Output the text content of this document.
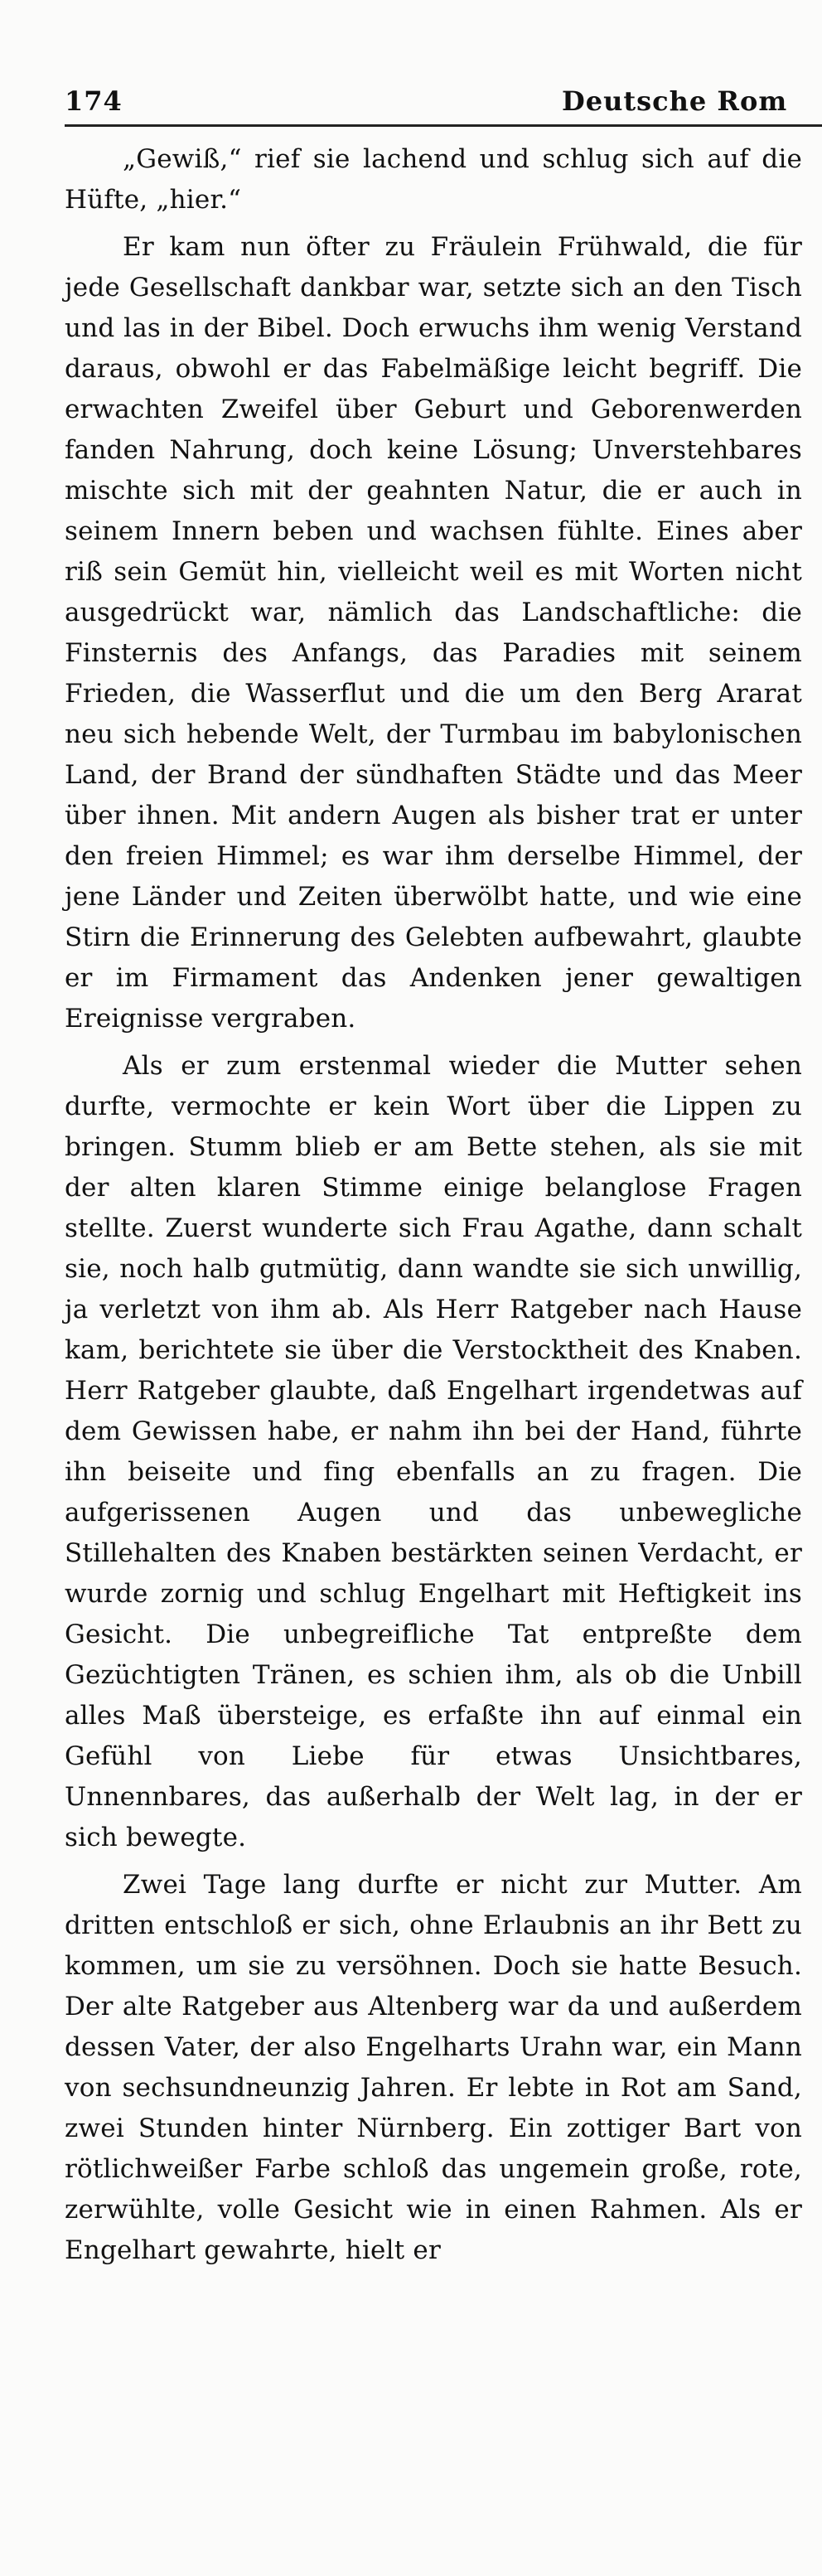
174	Deutsche Rom

„Gewiß,“ rief sie lachend und schlug sich auf die Hüfte, „hier.“

Er kam nun öfter zu Fräulein Frühwald, die für jede Gesellschaft dankbar war, setzte sich an den Tisch und las in der Bibel. Doch erwuchs ihm wenig Verstand daraus, obwohl er das Fabelmäßige leicht begriff. Die erwachten Zweifel über Geburt und Geborenwerden fanden Nahrung, doch keine Lösung; Unverstehbares mischte sich mit der geahnten Natur, die er auch in seinem Innern beben und wachsen fühlte. Eines aber riß sein Gemüt hin, vielleicht weil es mit Worten nicht ausgedrückt war, nämlich das Landschaftliche: die Finsternis des Anfangs, das Paradies mit seinem Frieden, die Wasserflut und die um den Berg Ararat neu sich hebende Welt, der Turmbau im babylonischen Land, der Brand der sündhaften Städte und das Meer über ihnen. Mit andern Augen als bisher trat er unter den freien Himmel; es war ihm derselbe Himmel, der jene Länder und Zeiten überwölbt hatte, und wie eine Stirn die Erinnerung des Gelebten aufbewahrt, glaubte er im Firmament das Andenken jener gewaltigen Ereignisse vergraben.

Als er zum erstenmal wieder die Mutter sehen durfte, vermochte er kein Wort über die Lippen zu bringen. Stumm blieb er am Bette stehen, als sie mit der alten klaren Stimme einige belanglose Fragen stellte. Zuerst wunderte sich Frau Agathe, dann schalt sie, noch halb gutmütig, dann wandte sie sich unwillig, ja verletzt von ihm ab. Als Herr Ratgeber nach Hause kam, berichtete sie über die Verstocktheit des Knaben. Herr Ratgeber glaubte, daß Engelhart irgendetwas auf dem Gewissen habe, er nahm ihn bei der Hand, führte ihn beiseite und fing ebenfalls an zu fragen. Die aufgerissenen Augen und das unbewegliche Stillehalten des Knaben bestärkten seinen Verdacht, er wurde zornig und schlug Engelhart mit Heftigkeit ins Gesicht. Die unbegreifliche Tat entpreßte dem Gezüchtigten Tränen, es schien ihm, als ob die Unbill alles Maß übersteige, es erfaßte ihn auf einmal ein Gefühl von Liebe für etwas Unsichtbares, Unnennbares, das außerhalb der Welt lag, in der er sich bewegte.

Zwei Tage lang durfte er nicht zur Mutter. Am dritten entschloß er sich, ohne Erlaubnis an ihr Bett zu kommen, um sie zu versöhnen. Doch sie hatte Besuch. Der alte Ratgeber aus Altenberg war da und außerdem dessen Vater, der also Engelharts Urahn war, ein Mann von sechsundneunzig Jahren. Er lebte in Rot am Sand, zwei Stunden hinter Nürnberg. Ein zottiger Bart von rötlichweißer Farbe schloß das ungemein große, rote, zerwühlte, volle Gesicht wie in einen Rahmen. Als er Engelhart gewahrte, hielt er
